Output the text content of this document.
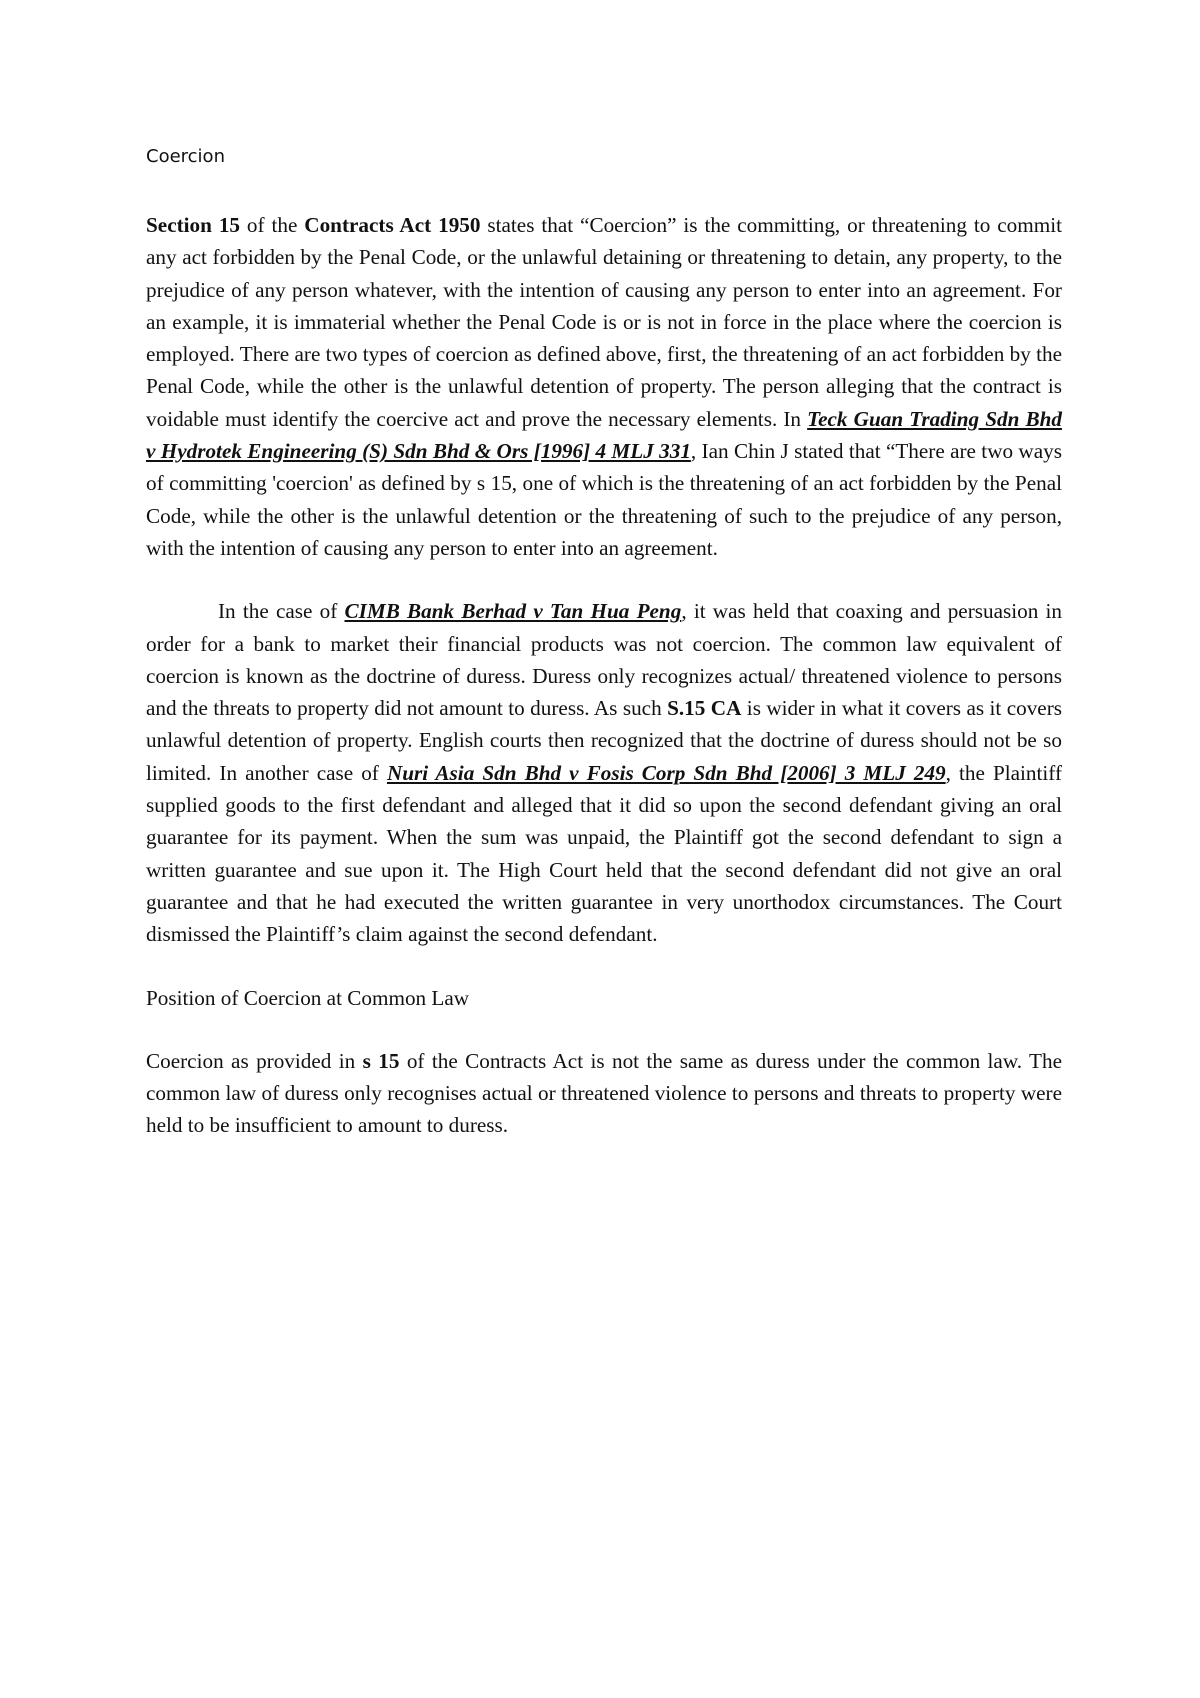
Coercion

Section 15 of the Contracts Act 1950 states that “Coercion” is the committing, or threatening to commit any act forbidden by the Penal Code, or the unlawful detaining or threatening to detain, any property, to the prejudice of any person whatever, with the intention of causing any person to enter into an agreement. For an example, it is immaterial whether the Penal Code is or is not in force in the place where the coercion is employed. There are two types of coercion as defined above, first, the threatening of an act forbidden by the Penal Code, while the other is the unlawful detention of property. The person alleging that the contract is voidable must identify the coercive act and prove the necessary elements. In Teck Guan Trading Sdn Bhd v Hydrotek Engineering (S) Sdn Bhd & Ors [1996] 4 MLJ 331, Ian Chin J stated that “There are two ways of committing 'coercion' as defined by s 15, one of which is the threatening of an act forbidden by the Penal Code, while the other is the unlawful detention or the threatening of such to the prejudice of any person, with the intention of causing any person to enter into an agreement.

In the case of CIMB Bank Berhad v Tan Hua Peng, it was held that coaxing and persuasion in order for a bank to market their financial products was not coercion. The common law equivalent of coercion is known as the doctrine of duress. Duress only recognizes actual/ threatened violence to persons and the threats to property did not amount to duress. As such S.15 CA is wider in what it covers as it covers unlawful detention of property. English courts then recognized that the doctrine of duress should not be so limited. In another case of Nuri Asia Sdn Bhd v Fosis Corp Sdn Bhd [2006] 3 MLJ 249, the Plaintiff supplied goods to the first defendant and alleged that it did so upon the second defendant giving an oral guarantee for its payment. When the sum was unpaid, the Plaintiff got the second defendant to sign a written guarantee and sue upon it. The High Court held that the second defendant did not give an oral guarantee and that he had executed the written guarantee in very unorthodox circumstances. The Court dismissed the Plaintiff’s claim against the second defendant.

Position of Coercion at Common Law

Coercion as provided in s 15 of the Contracts Act is not the same as duress under the common law. The common law of duress only recognises actual or threatened violence to persons and threats to property were held to be insufficient to amount to duress.
